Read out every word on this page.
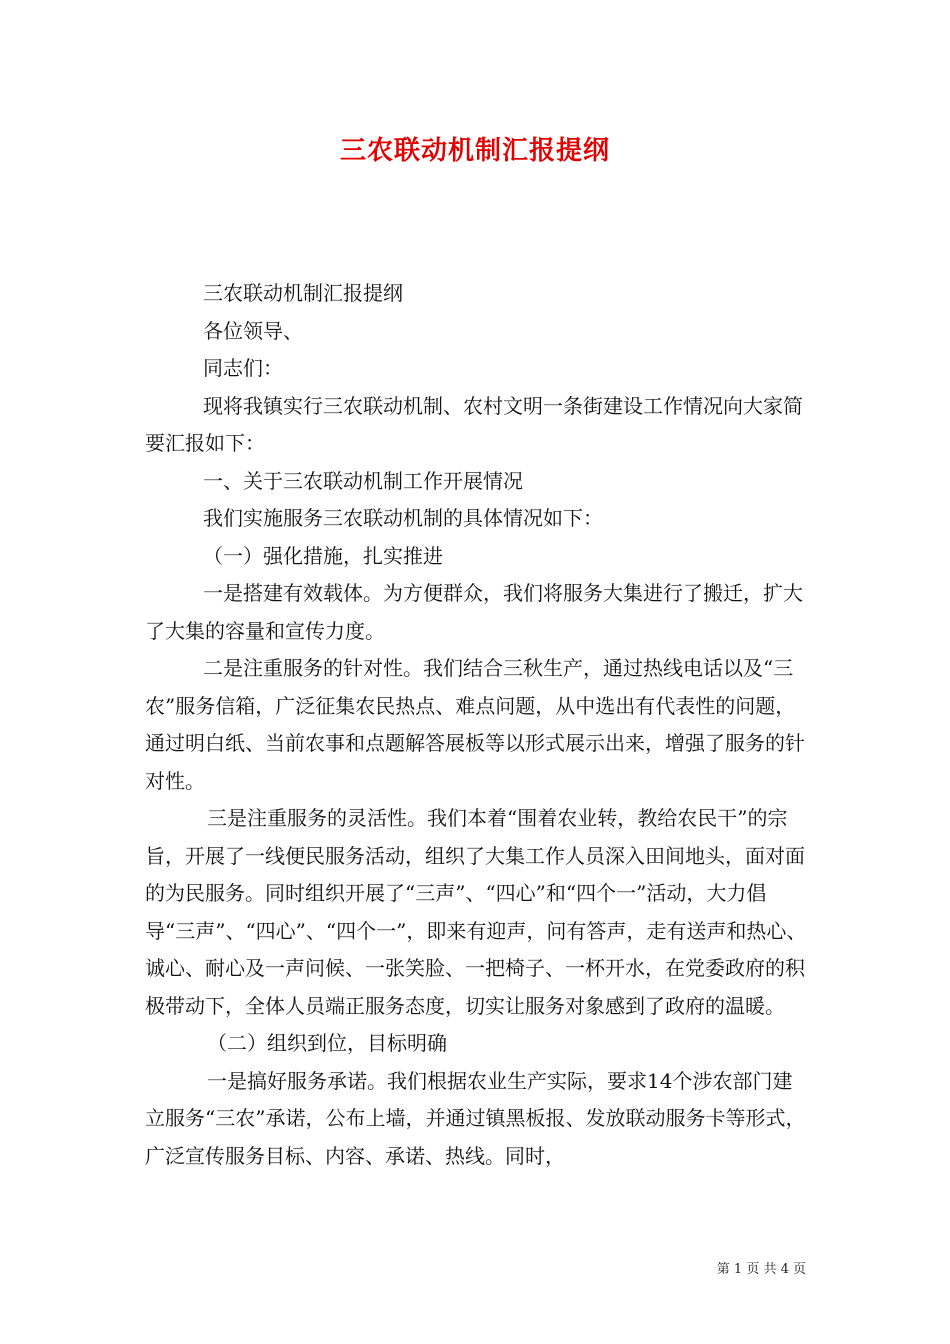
三农联动机制汇报提纲

三农联动机制汇报提纲

各位领导、

同志们：

现将我镇实行三农联动机制、农村文明一条街建设工作情况向大家简要汇报如下：

一、关于三农联动机制工作开展情况

我们实施服务三农联动机制的具体情况如下：

（一）强化措施，扎实推进

一是搭建有效载体。为方便群众，我们将服务大集进行了搬迁，扩大了大集的容量和宣传力度。

二是注重服务的针对性。我们结合三秋生产，通过热线电话以及“三农”服务信箱，广泛征集农民热点、难点问题，从中选出有代表性的问题，通过明白纸、当前农事和点题解答展板等以形式展示出来，增强了服务的针对性。

三是注重服务的灵活性。我们本着“围着农业转，教给农民干”的宗旨，开展了一线便民服务活动，组织了大集工作人员深入田间地头，面对面的为民服务。同时组织开展了“三声”、“四心”和“四个一”活动，大力倡导“三声”、“四心”、“四个一”，即来有迎声，问有答声，走有送声和热心、诚心、耐心及一声问候、一张笑脸、一把椅子、一杯开水，在党委政府的积极带动下，全体人员端正服务态度，切实让服务对象感到了政府的温暖。

（二）组织到位，目标明确

一是搞好服务承诺。我们根据农业生产实际，要求14个涉农部门建立服务“三农”承诺，公布上墙，并通过镇黑板报、发放联动服务卡等形式，广泛宣传服务目标、内容、承诺、热线。同时，

第 1 页 共 4 页
